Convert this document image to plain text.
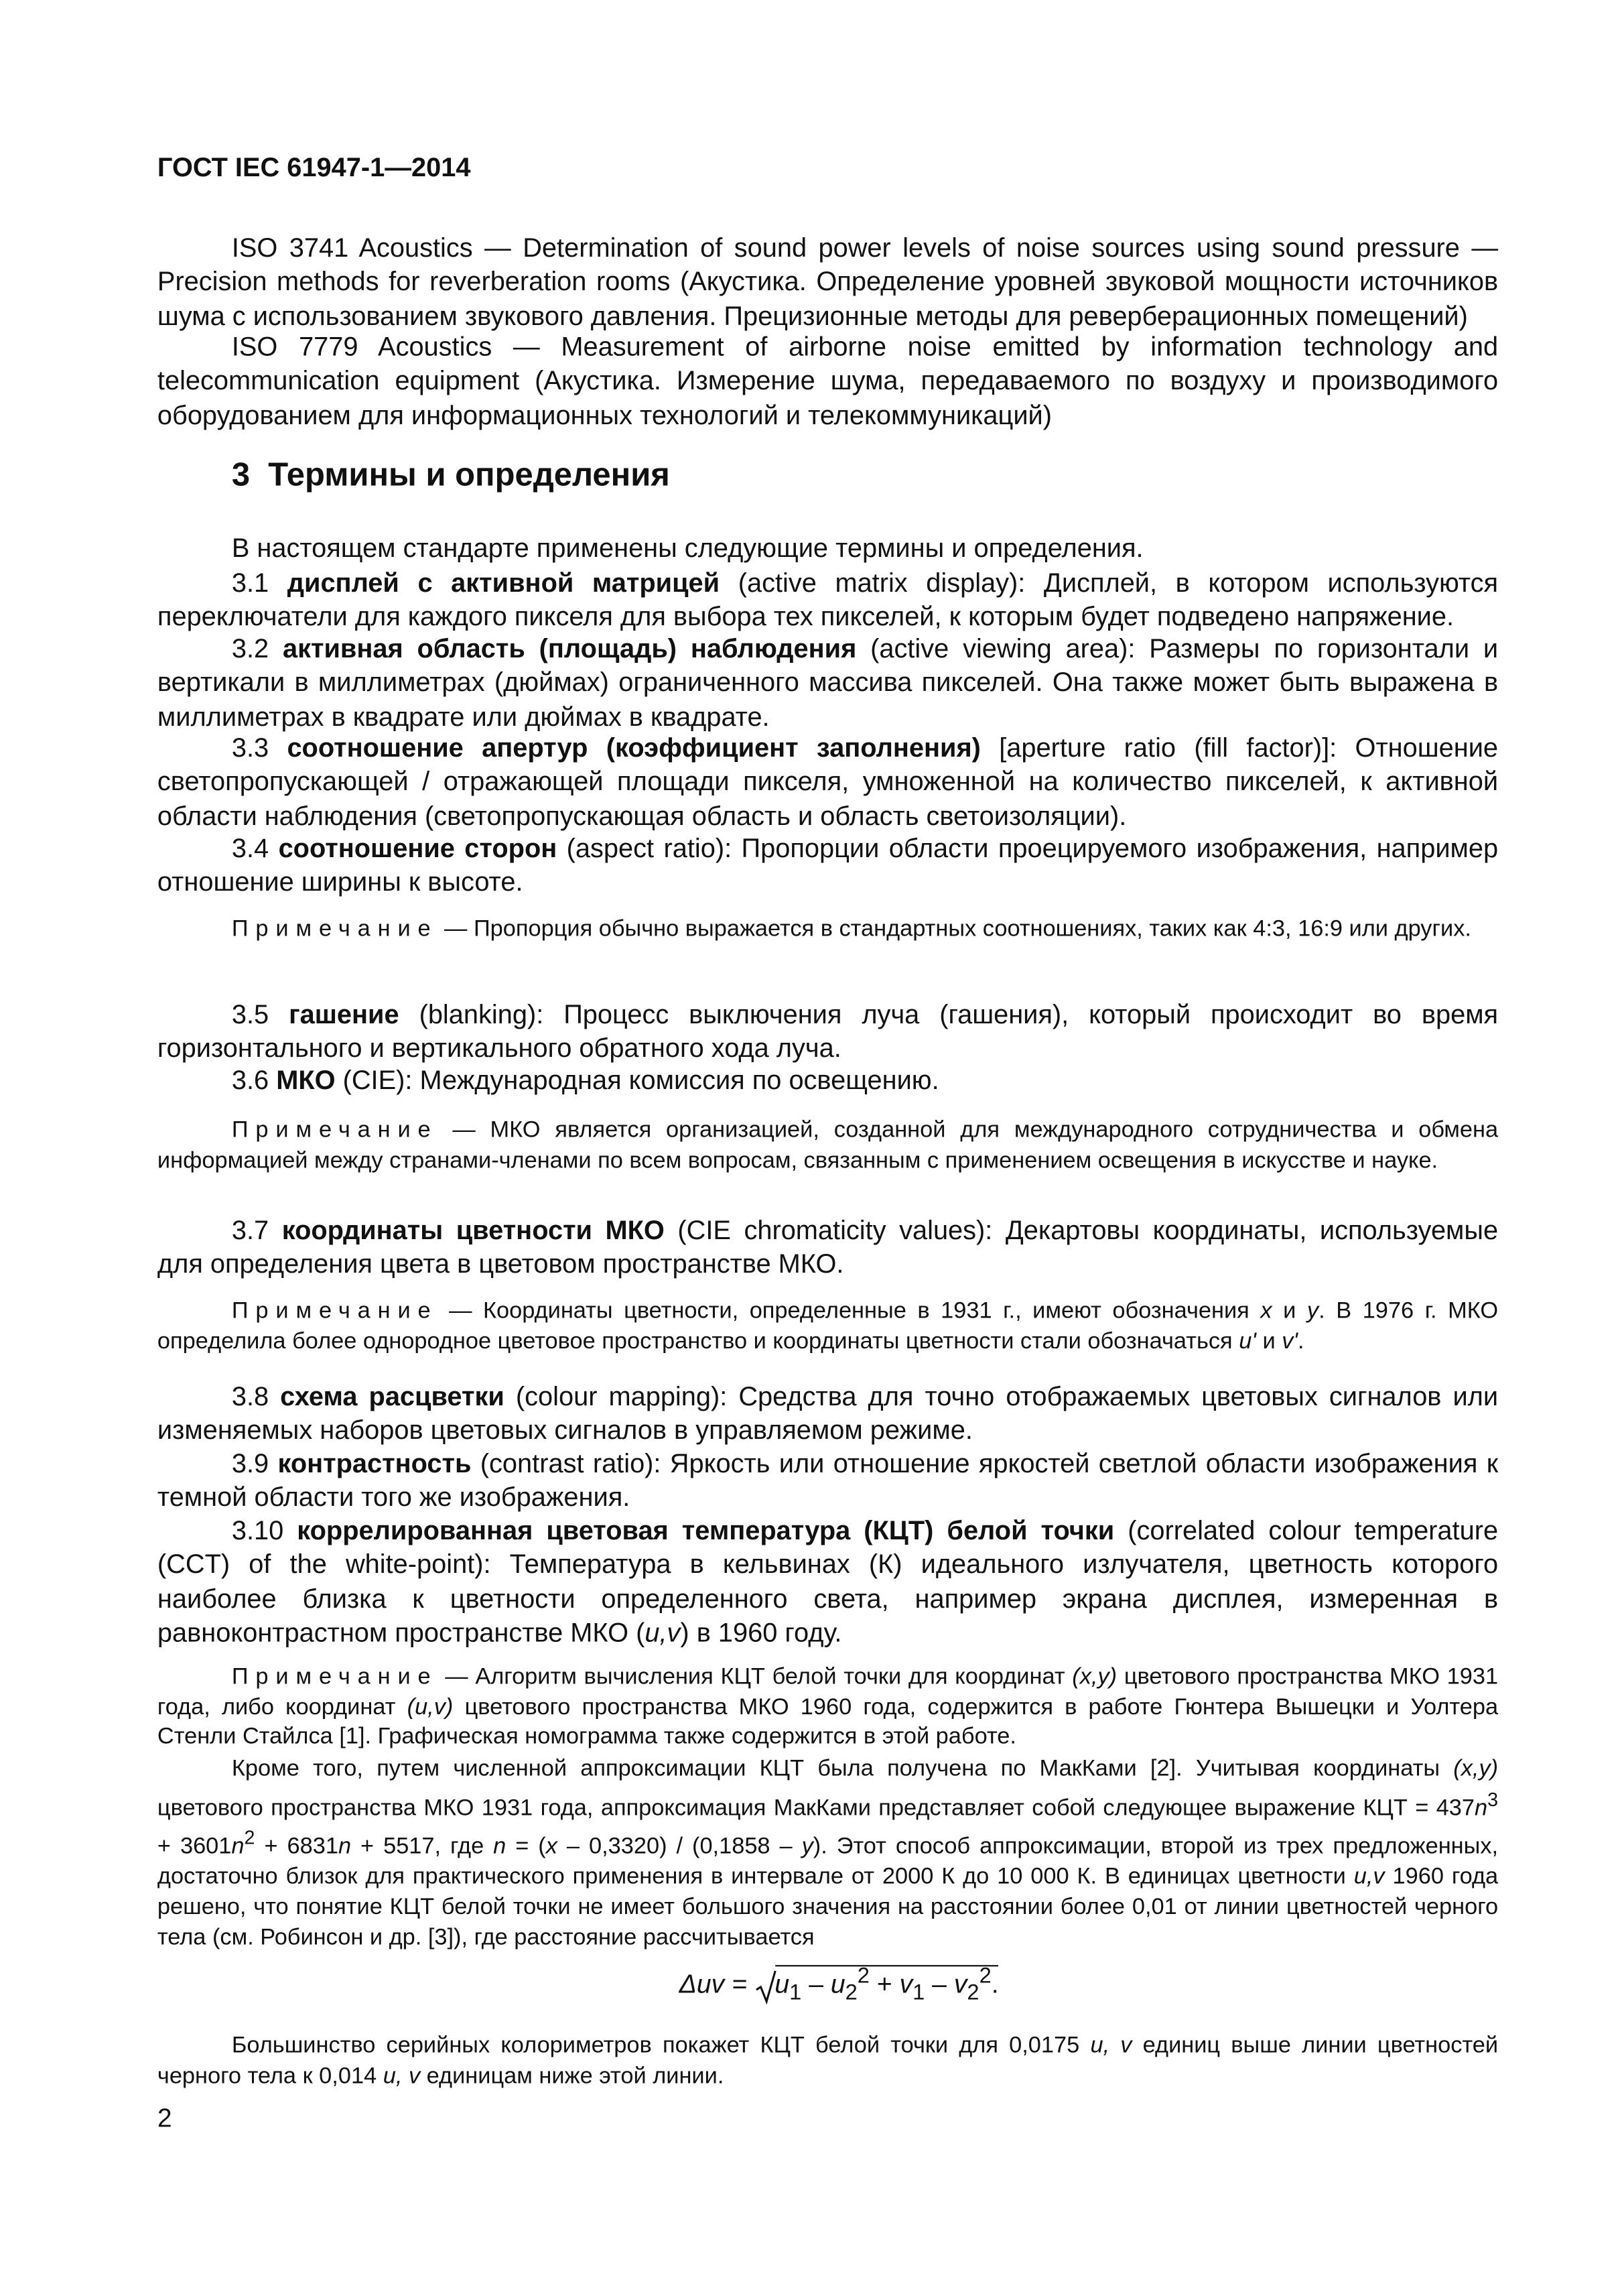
ГОСТ IEC 61947-1—2014
ISO 3741 Acoustics — Determination of sound power levels of noise sources using sound pressure — Precision methods for reverberation rooms (Акустика. Определение уровней звуковой мощности источников шума с использованием звукового давления. Прецизионные методы для реверберационных помещений)
ISO 7779 Acoustics — Measurement of airborne noise emitted by information technology and telecommunication equipment (Акустика. Измерение шума, передаваемого по воздуху и производимого оборудованием для информационных технологий и телекоммуникаций)
3  Термины и определения
В настоящем стандарте применены следующие термины и определения.
3.1 дисплей с активной матрицей (active matrix display): Дисплей, в котором используются переключатели для каждого пикселя для выбора тех пикселей, к которым будет подведено напряжение.
3.2 активная область (площадь) наблюдения (active viewing area): Размеры по горизонтали и вертикали в миллиметрах (дюймах) ограниченного массива пикселей. Она также может быть выражена в миллиметрах в квадрате или дюймах в квадрате.
3.3 соотношение апертур (коэффициент заполнения) [aperture ratio (fill factor)]: Отношение светопропускающей / отражающей площади пикселя, умноженной на количество пикселей, к активной области наблюдения (светопропускающая область и область светоизоляции).
3.4 соотношение сторон (aspect ratio): Пропорции области проецируемого изображения, например отношение ширины к высоте.
Примечание — Пропорция обычно выражается в стандартных соотношениях, таких как 4:3, 16:9 или других.
3.5 гашение (blanking): Процесс выключения луча (гашения), который происходит во время горизонтального и вертикального обратного хода луча.
3.6 МКО (CIE): Международная комиссия по освещению.
Примечание — МКО является организацией, созданной для международного сотрудничества и обмена информацией между странами-членами по всем вопросам, связанным с применением освещения в искусстве и науке.
3.7 координаты цветности МКО (CIE chromaticity values): Декартовы координаты, используемые для определения цвета в цветовом пространстве МКО.
Примечание — Координаты цветности, определенные в 1931 г., имеют обозначения x и y. В 1976 г. МКО определила более однородное цветовое пространство и координаты цветности стали обозначаться u' и v'.
3.8 схема расцветки (colour mapping): Средства для точно отображаемых цветовых сигналов или изменяемых наборов цветовых сигналов в управляемом режиме.
3.9 контрастность (contrast ratio): Яркость или отношение яркостей светлой области изображения к темной области того же изображения.
3.10 коррелированная цветовая температура (КЦТ) белой точки (correlated colour temperature (CCT) of the white-point): Температура в кельвинах (К) идеального излучателя, цветность которого наиболее близка к цветности определенного света, например экрана дисплея, измеренная в равноконтрастном пространстве МКО (u,v) в 1960 году.
Примечание — Алгоритм вычисления КЦТ белой точки для координат (x,y) цветового пространства МКО 1931 года, либо координат (u,v) цветового пространства МКО 1960 года, содержится в работе Гюнтера Вышецки и Уолтера Стенли Стайлса [1]. Графическая номограмма также содержится в этой работе.
Кроме того, путем численной аппроксимации КЦТ была получена по МакКами [2]. Учитывая координаты (x,y) цветового пространства МКО 1931 года, аппроксимация МакКами представляет собой следующее выражение КЦТ = $437n^3 + 3601n^2 + 6831n + 5517$, где n = (x – 0,3320) / (0,1858 – y). Этот способ аппроксимации, второй из трех предложенных, достаточно близок для практического применения в интервале от 2000 К до 10 000 К. В единицах цветности u,v 1960 года решено, что понятие КЦТ белой точки не имеет большого значения на расстоянии более 0,01 от линии цветностей черного тела (см. Робинсон и др. [3]), где расстояние рассчитывается
$\Delta uv = u_1 - u_2^2 + v_1 - v_2^2$.
Большинство серийных колориметров покажет КЦТ белой точки для 0,0175 u, v единиц выше линии цветностей черного тела к 0,014 u, v единицам ниже этой линии.
2
